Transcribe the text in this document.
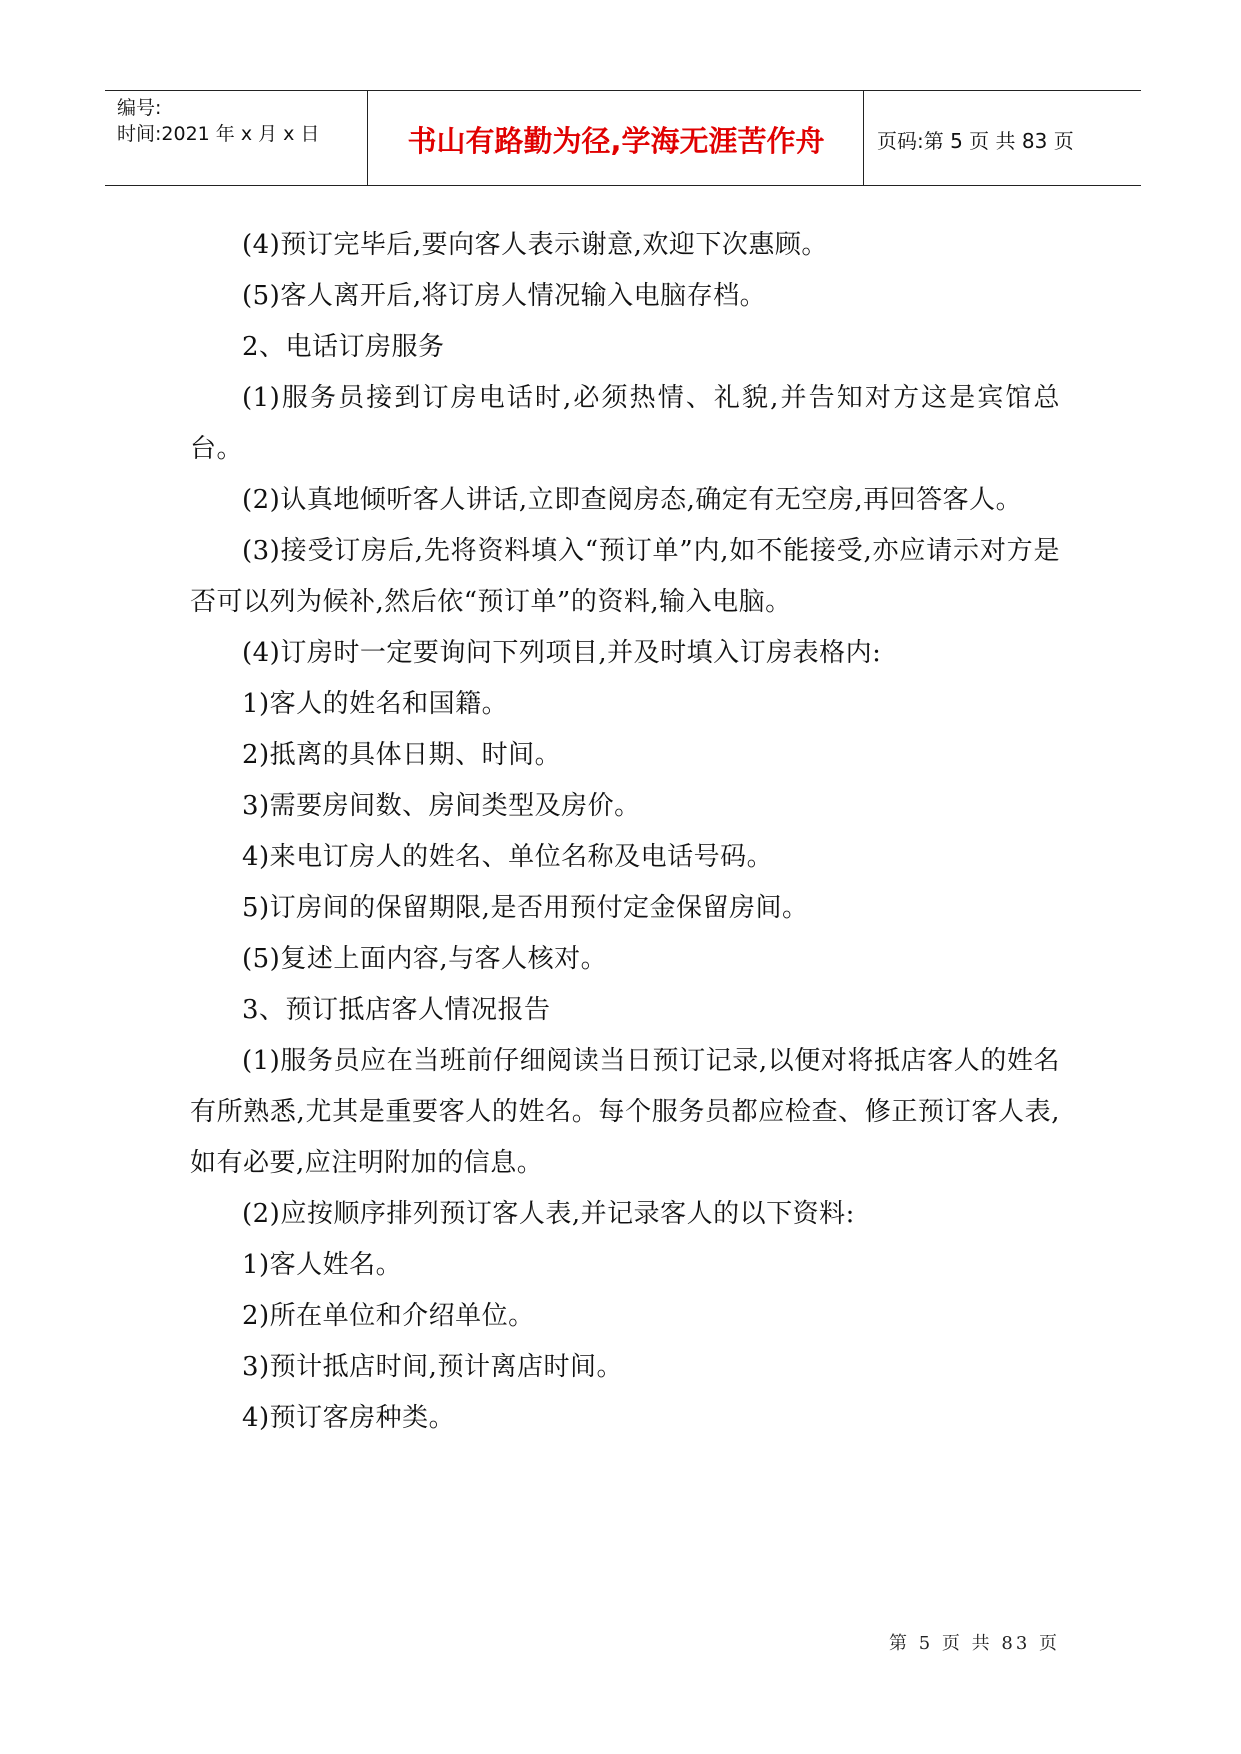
编号:
时间:2021 年 x 月 x 日	书山有路勤为径,学海无涯苦作舟	页码:第 5 页 共 83 页

(4)预订完毕后,要向客人表示谢意,欢迎下次惠顾。

(5)客人离开后,将订房人情况输入电脑存档。

2、电话订房服务

(1)服务员接到订房电话时,必须热情、礼貌,并告知对方这是宾馆总台。

(2)认真地倾听客人讲话,立即查阅房态,确定有无空房,再回答客人。

(3)接受订房后,先将资料填入“预订单”内,如不能接受,亦应请示对方是否可以列为候补,然后依“预订单”的资料,输入电脑。

(4)订房时一定要询问下列项目,并及时填入订房表格内:

1)客人的姓名和国籍。

2)抵离的具体日期、时间。

3)需要房间数、房间类型及房价。

4)来电订房人的姓名、单位名称及电话号码。

5)订房间的保留期限,是否用预付定金保留房间。

(5)复述上面内容,与客人核对。

3、预订抵店客人情况报告

(1)服务员应在当班前仔细阅读当日预订记录,以便对将抵店客人的姓名有所熟悉,尤其是重要客人的姓名。每个服务员都应检查、修正预订客人表,如有必要,应注明附加的信息。

(2)应按顺序排列预订客人表,并记录客人的以下资料:

1)客人姓名。

2)所在单位和介绍单位。

3)预计抵店时间,预计离店时间。

4)预订客房种类。

第 5 页 共 83 页
